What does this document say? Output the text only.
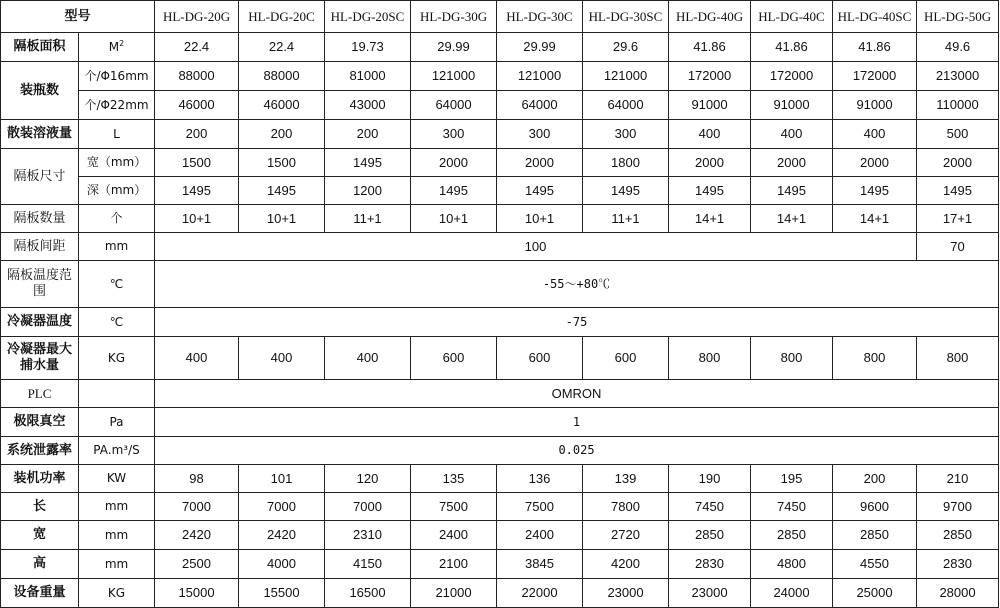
型号		HL-DG-20G	HL-DG-20C	HL-DG-20SC	HL-DG-30G	HL-DG-30C	HL-DG-30SC	HL-DG-40G	HL-DG-40C	HL-DG-40SC	HL-DG-50G
隔板面积	$M^2$	22.4	22.4	19.73	29.99	29.99	29.6	41.86	41.86	41.86	49.6
装瓶数	个/Φ16mm	88000	88000	81000	121000	121000	121000	172000	172000	172000	213000
	个/Φ22mm	46000	46000	43000	64000	64000	64000	91000	91000	91000	110000
散装溶液量	L	200	200	200	300	300	300	400	400	400	500
隔板尺寸	宽（mm）	1500	1500	1495	2000	2000	1800	2000	2000	2000	2000
	深（mm）	1495	1495	1200	1495	1495	1495	1495	1495	1495	1495
隔板数量	个	10+1	10+1	11+1	10+1	10+1	11+1	14+1	14+1	14+1	17+1
隔板间距	mm	100									70
隔板温度范
围	℃	-55～+80℃									
冷凝器温度	℃	-75									
冷凝器最大
捕水量	KG	400	400	400	600	600	600	800	800	800	800
PLC		OMRON									
极限真空	Pa	1									
系统泄露率	PA.m³/S	0.025									
装机功率	KW	98	101	120	135	136	139	190	195	200	210
长	mm	7000	7000	7000	7500	7500	7800	7450	7450	9600	9700
宽	mm	2420	2420	2310	2400	2400	2720	2850	2850	2850	2850
高	mm	2500	4000	4150	2100	3845	4200	2830	4800	4550	2830
设备重量	KG	15000	15500	16500	21000	22000	23000	23000	24000	25000	28000
